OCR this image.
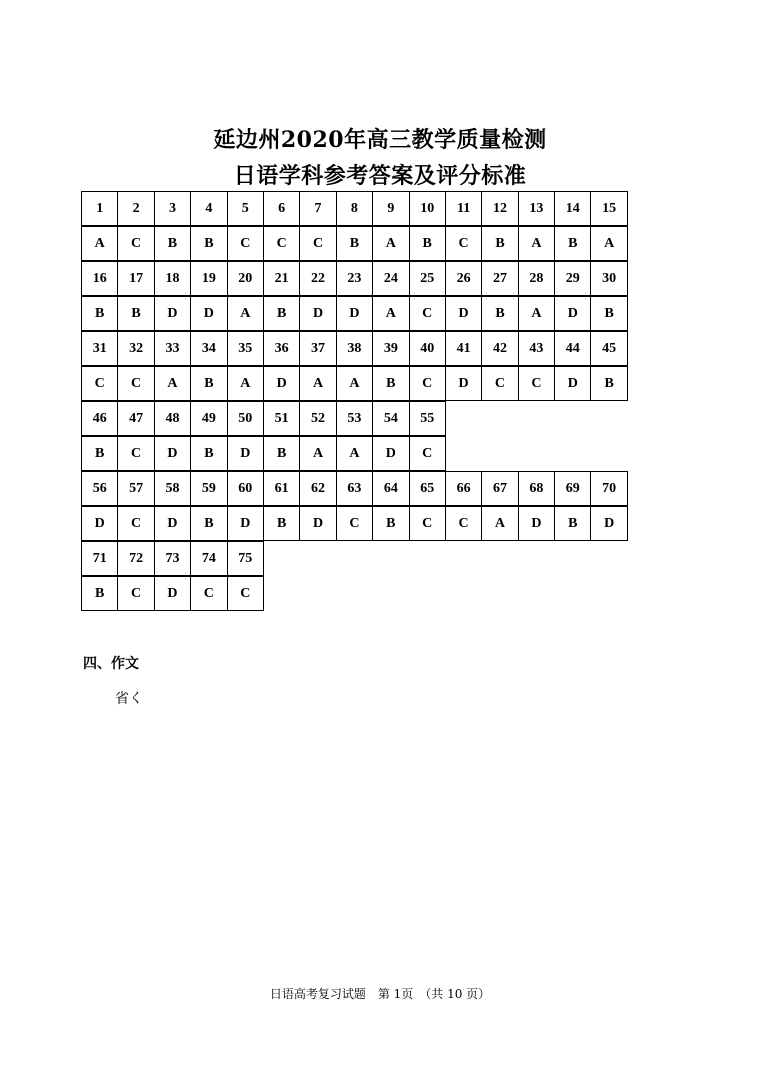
延边州2020年高三教学质量检测
日语学科参考答案及评分标准
1	2	3	4	5	6	7	8	9	10	11	12	13	14	15
A	C	B	B	C	C	C	B	A	B	C	B	A	B	A
16	17	18	19	20	21	22	23	24	25	26	27	28	29	30
B	B	D	D	A	B	D	D	A	C	D	B	A	D	B
31	32	33	34	35	36	37	38	39	40	41	42	43	44	45
C	C	A	B	A	D	A	A	B	C	D	C	C	D	B
46	47	48	49	50	51	52	53	54	55
B	C	D	B	D	B	A	A	D	C
56	57	58	59	60	61	62	63	64	65	66	67	68	69	70
D	C	D	B	D	B	D	C	B	C	C	A	D	B	D
71	72	73	74	75
B	C	D	C	C
四、作文
省く
日语高考复习试题　第 1页　（共 10 页）
